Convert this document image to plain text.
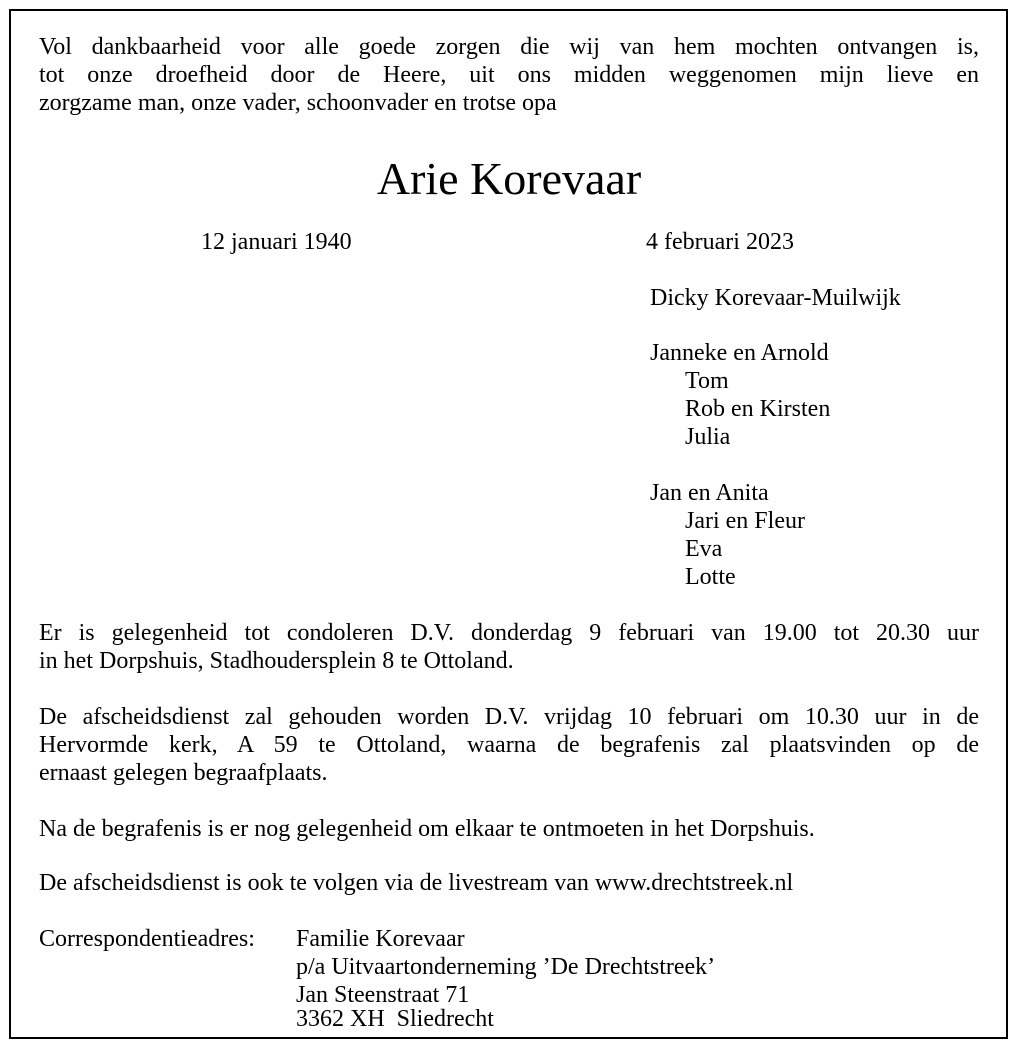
Vol dankbaarheid voor alle goede zorgen die wij van hem mochten ontvangen is,
tot onze droefheid door de Heere, uit ons midden weggenomen mijn lieve en
zorgzame man, onze vader, schoonvader en trotse opa
Arie Korevaar
12 januari 1940	4 februari 2023
Dicky Korevaar-Muilwijk
Janneke en Arnold
Tom
Rob en Kirsten
Julia
Jan en Anita
Jari en Fleur
Eva
Lotte
Er is gelegenheid tot condoleren D.V. donderdag 9 februari van 19.00 tot 20.30 uur
in het Dorpshuis, Stadhoudersplein 8 te Ottoland.
De afscheidsdienst zal gehouden worden D.V. vrijdag 10 februari om 10.30 uur in de
Hervormde kerk, A 59 te Ottoland, waarna de begrafenis zal plaatsvinden op de
ernaast gelegen begraafplaats.
Na de begrafenis is er nog gelegenheid om elkaar te ontmoeten in het Dorpshuis.
De afscheidsdienst is ook te volgen via de livestream van www.drechtstreek.nl
Correspondentieadres: Familie Korevaar
p/a Uitvaartonderneming ’De Drechtstreek’
Jan Steenstraat 71
3362 XH  Sliedrecht
